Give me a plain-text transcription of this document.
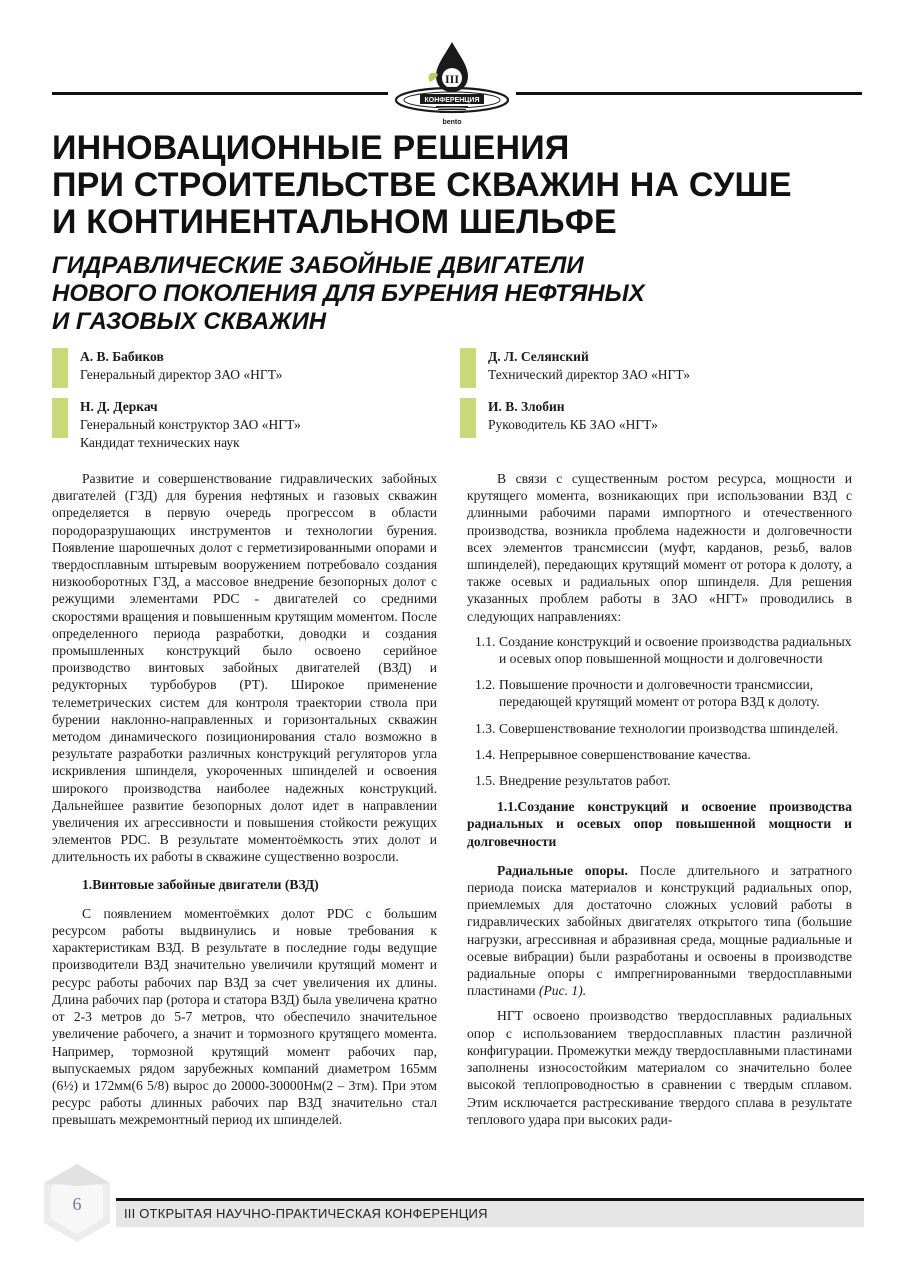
III
КОНФЕРЕНЦИЯ
bento
ИННОВАЦИОННЫЕ РЕШЕНИЯ
ПРИ СТРОИТЕЛЬСТВЕ СКВАЖИН НА СУШЕ
И КОНТИНЕНТАЛЬНОМ ШЕЛЬФЕ
ГИДРАВЛИЧЕСКИЕ ЗАБОЙНЫЕ ДВИГАТЕЛИ
НОВОГО ПОКОЛЕНИЯ ДЛЯ БУРЕНИЯ НЕФТЯНЫХ
И ГАЗОВЫХ СКВАЖИН
А. В. Бабиков
Генеральный директор ЗАО «НГТ»
Н. Д. Деркач
Генеральный конструктор ЗАО «НГТ»
Кандидат технических наук
Д. Л. Селянский
Технический директор ЗАО «НГТ»
И. В. Злобин
Руководитель КБ ЗАО «НГТ»

Развитие и совершенствование гидравлических забойных двигателей (ГЗД) для бурения нефтяных и газовых скважин определяется в первую очередь прогрессом в области породоразрушающих инструментов и технологии бурения. Появление шарошечных долот с герметизированными опорами и твердосплавным штыревым вооружением потребовало создания низкооборотных ГЗД, а массовое внедрение безопорных долот с режущими элементами PDC - двигателей со средними скоростями вращения и повышенным крутящим моментом. После определенного периода разработки, доводки и создания промышленных конструкций было освоено серийное производство винтовых забойных двигателей (ВЗД) и редукторных турбобуров (РТ). Широкое применение телеметрических систем для контроля траектории ствола при бурении наклонно-направленных и горизонтальных скважин методом динамического позиционирования стало возможно в результате разработки различных конструкций регуляторов угла искривления шпинделя, укороченных шпинделей и освоения широкого производства наиболее надежных конструкций. Дальнейшее развитие безопорных долот идет в направлении увеличения их агрессивности и повышения стойкости режущих элементов PDC. В результате моментоёмкость этих долот и длительность их работы в скважине существенно возросли.

1.Винтовые забойные двигатели (ВЗД)

С появлением моментоёмких долот PDC с большим ресурсом работы выдвинулись и новые требования к характеристикам ВЗД. В результате в последние годы ведущие производители ВЗД значительно увеличили крутящий момент и ресурс работы рабочих пар ВЗД за счет увеличения их длины. Длина рабочих пар (ротора и статора ВЗД) была увеличена кратно от 2-3 метров до 5-7 метров, что обеспечило значительное увеличение рабочего, а значит и тормозного крутящего момента. Например, тормозной крутящий момент рабочих пар, выпускаемых рядом зарубежных компаний диаметром 165мм (6½) и 172мм(6 5/8) вырос до 20000-30000Нм(2 – 3тм). При этом ресурс работы длинных рабочих пар ВЗД значительно стал превышать межремонтный период их шпинделей.

В связи с существенным ростом ресурса, мощности и крутящего момента, возникающих при использовании ВЗД с длинными рабочими парами импортного и отечественного производства, возникла проблема надежности и долговечности всех элементов трансмиссии (муфт, карданов, резьб, валов шпинделей), передающих крутящий момент от ротора к долоту, а также осевых и радиальных опор шпинделя. Для решения указанных проблем работы в ЗАО «НГТ» проводились в следующих направлениях:

1.1. Создание конструкций и освоение производства радиальных и осевых опор повышенной мощности и долговечности
1.2. Повышение прочности и долговечности трансмиссии, передающей крутящий момент от ротора ВЗД к долоту.
1.3. Совершенствование технологии производства шпинделей.
1.4. Непрерывное совершенствование качества.
1.5. Внедрение результатов работ.
1.1.Создание конструкций и освоение производства радиальных и осевых опор повышенной мощности и долговечности

Радиальные опоры. После длительного и затратного периода поиска материалов и конструкций радиальных опор, приемлемых для достаточно сложных условий работы в гидравлических забойных двигателях открытого типа (большие нагрузки, агрессивная и абразивная среда, мощные радиальные и осевые вибрации) были разработаны и освоены в производстве радиальные опоры с импрегнированными твердосплавными пластинами (Рис. 1).

НГТ освоено производство твердосплавных радиальных опор с использованием твердосплавных пластин различной конфигурации. Промежутки между твердосплавными пластинами заполнены износостойким материалом со значительно более высокой теплопроводностью в сравнении с твердым сплавом. Этим исключается растрескивание твердого сплава в результате теплового удара при высоких ради-

6	III ОТКРЫТАЯ НАУЧНО-ПРАКТИЧЕСКАЯ КОНФЕРЕНЦИЯ
